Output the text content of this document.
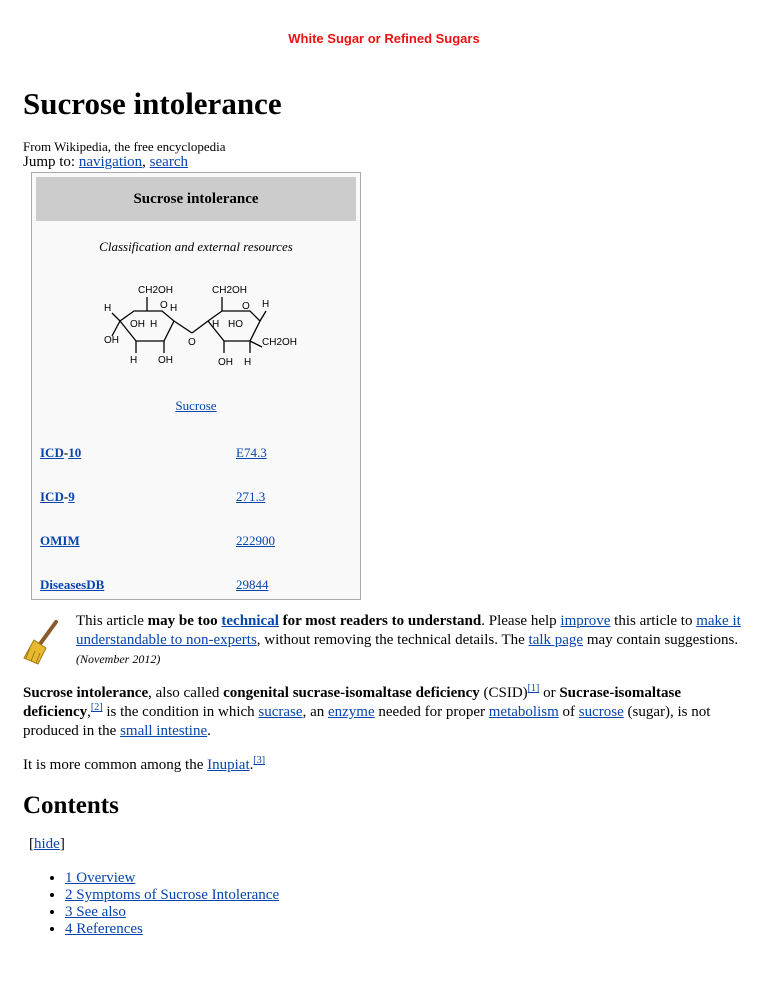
White Sugar or Refined Sugars
Sucrose intolerance
From Wikipedia, the free encyclopedia
Jump to: navigation, search
Sucrose intolerance
Classification and external resources
CH2OH
H	O H
OH H
OH
H OH
O
CH2OH
H
O
H HO
CH2OH
OH H
Sucrose
ICD-10	E74.3
ICD-9	271.3
OMIM	222900
DiseasesDB	29844
This article may be too technical for most readers to understand. Please help improve this article to make it understandable to non-experts, without removing the technical details. The talk page may contain suggestions.
(November 2012)

Sucrose intolerance, also called congenital sucrase-isomaltase deficiency (CSID)[1] or Sucrase-isomaltase deficiency,[2] is the condition in which sucrase, an enzyme needed for proper metabolism of sucrose (sugar), is not produced in the small intestine.

It is more common among the Inupiat.[3]

Contents
[hide]
• 1 Overview
• 2 Symptoms of Sucrose Intolerance
• 3 See also
• 4 References
